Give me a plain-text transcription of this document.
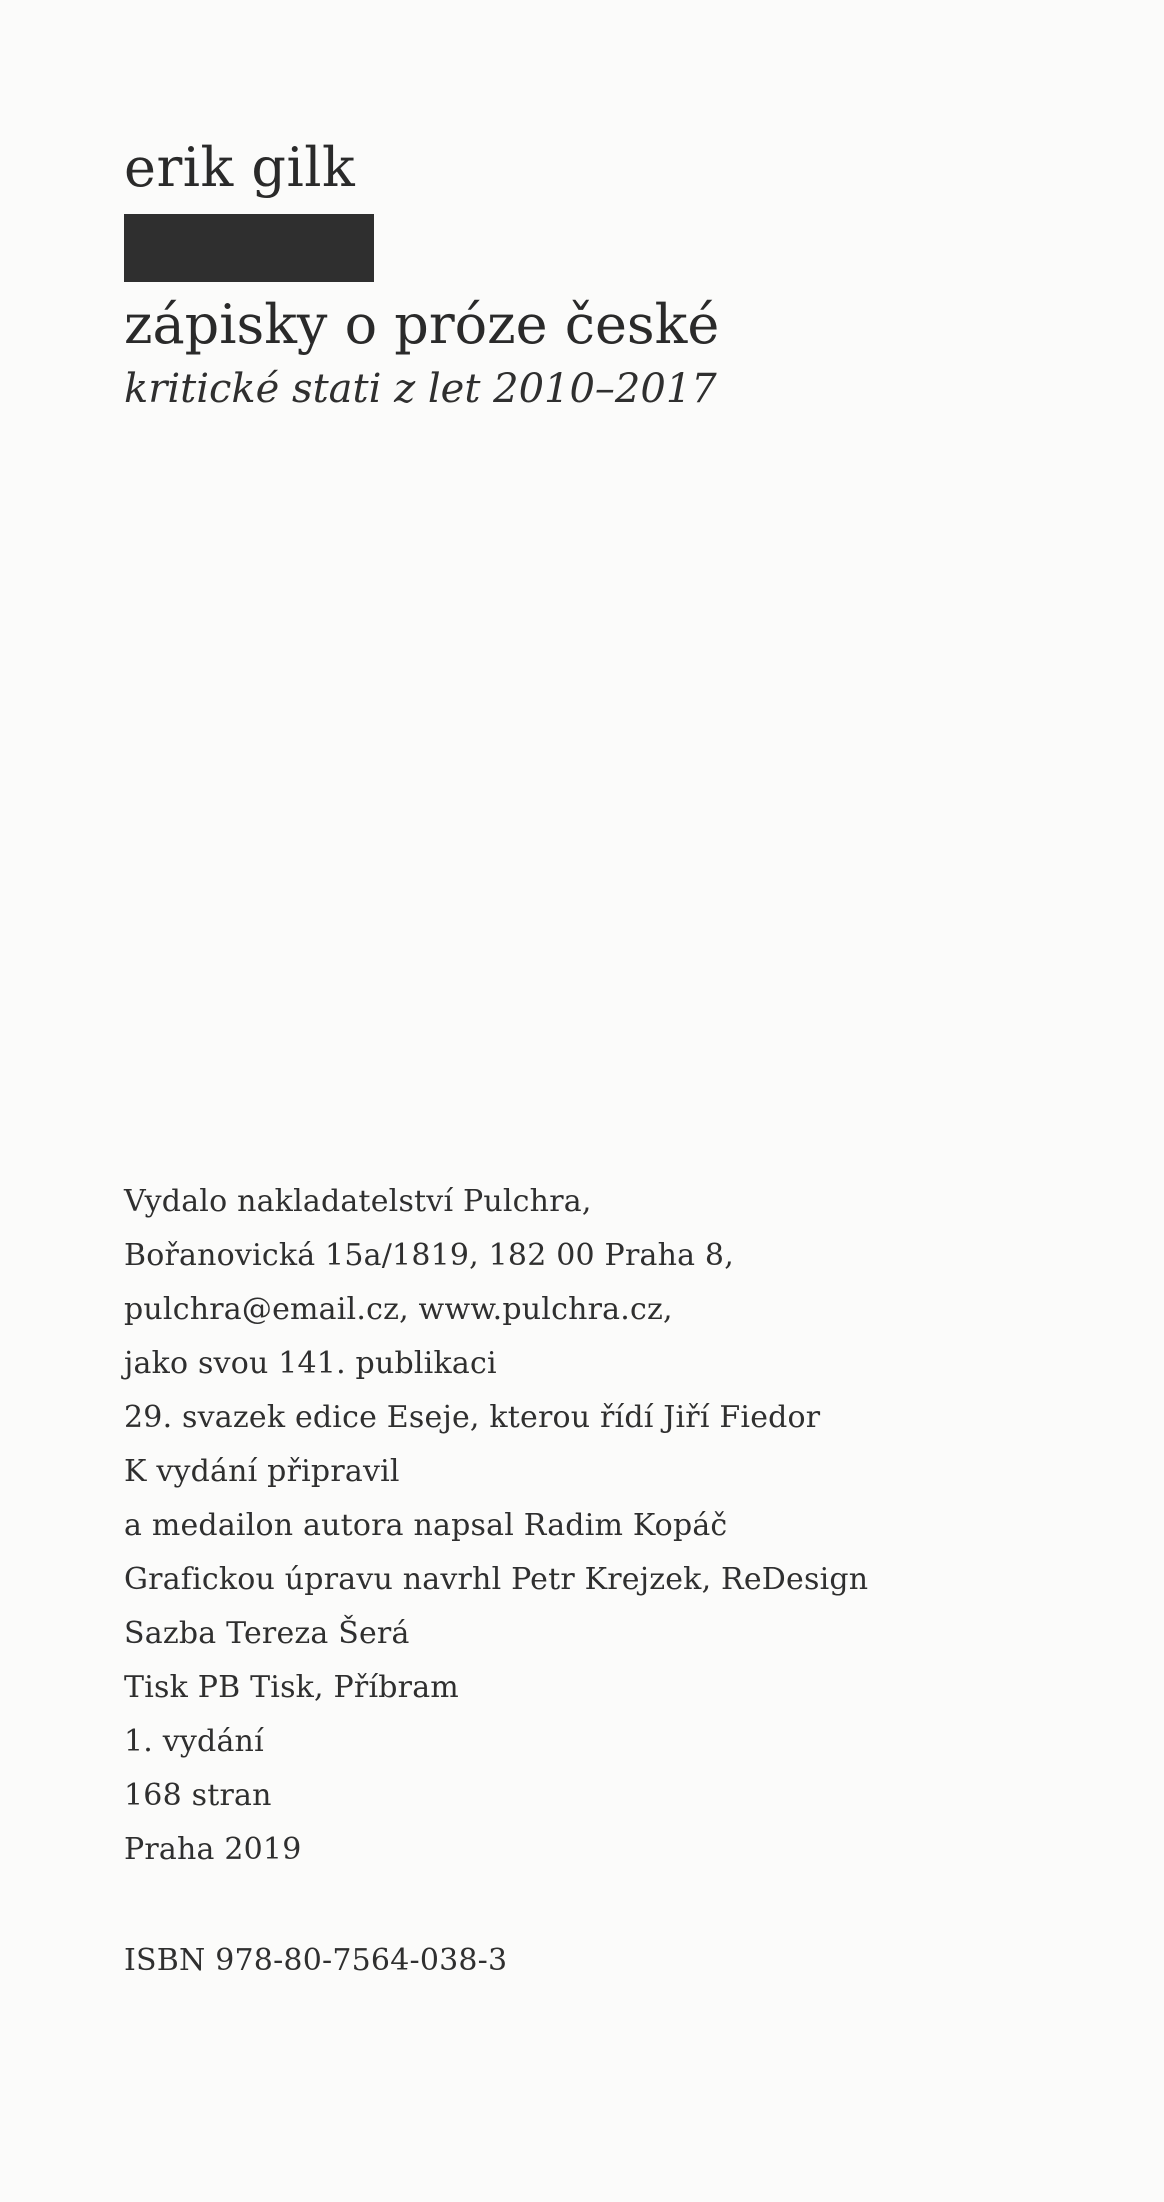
erik gilk
zápisky o próze české
kritické stati z let 2010–2017
Vydalo nakladatelství Pulchra,
Bořanovická 15a/1819, 182 00 Praha 8,
pulchra@email.cz, www.pulchra.cz,
jako svou 141. publikaci
29. svazek edice Eseje, kterou řídí Jiří Fiedor
K vydání připravil
a medailon autora napsal Radim Kopáč
Grafickou úpravu navrhl Petr Krejzek, ReDesign
Sazba Tereza Šerá
Tisk PB Tisk, Příbram
1. vydání
168 stran
Praha 2019
ISBN 978-80-7564-038-3
